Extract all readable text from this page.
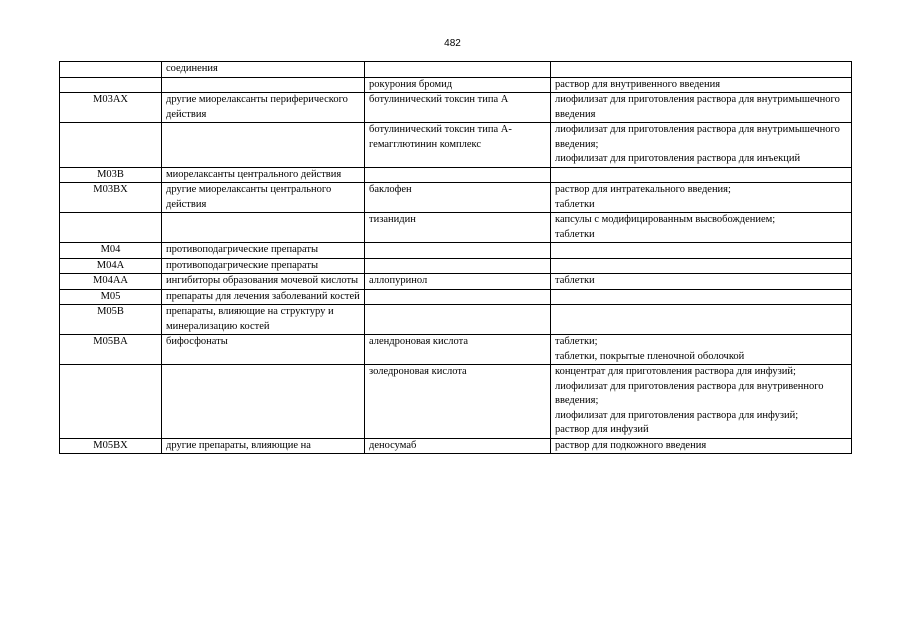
482
	соединения		
		рокурония бромид	раствор для внутривенного введения

M03AX	другие миорелаксанты периферического действия	ботулинический токсин типа А	лиофилизат для приготовления раствора для внутримышечного введения

		ботулинический токсин типа А-гемагглютинин комплекс	лиофилизат для приготовления раствора для внутримышечного введения;
лиофилизат для приготовления раствора для инъекций

M03B	миорелаксанты центрального действия		
M03BX	другие миорелаксанты центрального действия	баклофен	раствор для интратекального введения;
таблетки

		тизанидин	капсулы с модифицированным высвобождением;
таблетки

M04	противоподагрические препараты		
M04A	противоподагрические препараты		
M04AA	ингибиторы образования мочевой кислоты	аллопуринол	таблетки

M05	препараты для лечения заболеваний костей		
M05B	препараты, влияющие на структуру и минерализацию костей		
M05BA	бифосфонаты	алендроновая кислота	таблетки;
таблетки, покрытые пленочной оболочкой

		золедроновая кислота	концентрат для приготовления раствора для инфузий;
лиофилизат для приготовления раствора для внутривенного введения;
лиофилизат для приготовления раствора для инфузий;
раствор для инфузий

M05BX	другие препараты, влияющие на	деносумаб	раствор для подкожного введения
